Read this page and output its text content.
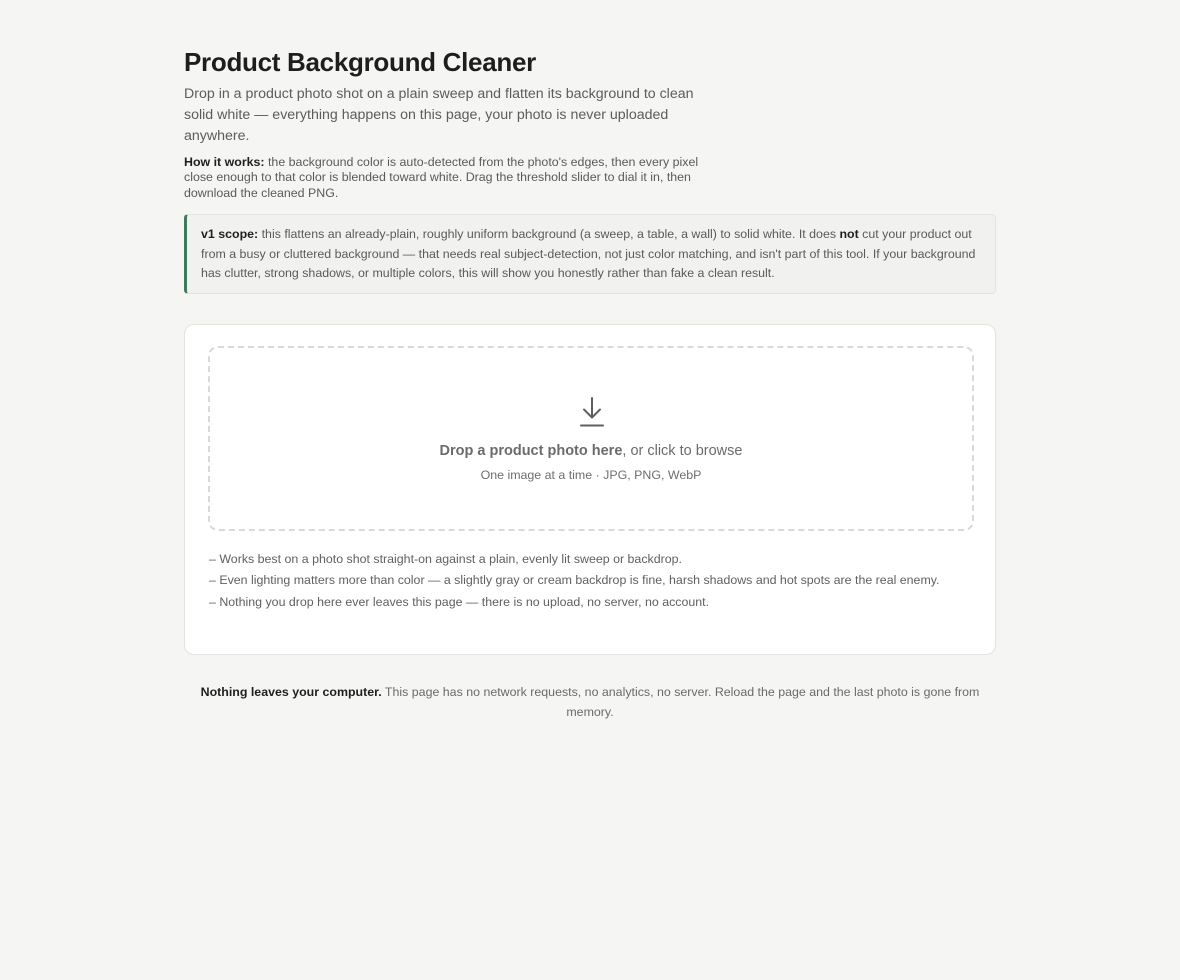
Product Background Cleaner

Drop in a product photo shot on a plain sweep and flatten its background to clean solid white — everything happens on this page, your photo is never uploaded anywhere.

How it works: the background color is auto-detected from the photo's edges, then every pixel close enough to that color is blended toward white. Drag the threshold slider to dial it in, then download the cleaned PNG.

v1 scope: this flattens an already-plain, roughly uniform background (a sweep, a table, a wall) to solid white. It does not cut your product out from a busy or cluttered background — that needs real subject-detection, not just color matching, and isn't part of this tool. If your background has clutter, strong shadows, or multiple colors, this will show you honestly rather than fake a clean result.

Drop a product photo here, or click to browse

One image at a time · JPG, PNG, WebP

– Works best on a photo shot straight-on against a plain, evenly lit sweep or backdrop.
– Even lighting matters more than color — a slightly gray or cream backdrop is fine, harsh shadows and hot spots are the real enemy.
– Nothing you drop here ever leaves this page — there is no upload, no server, no account.

Nothing leaves your computer. This page has no network requests, no analytics, no server. Reload the page and the last photo is gone from memory.
